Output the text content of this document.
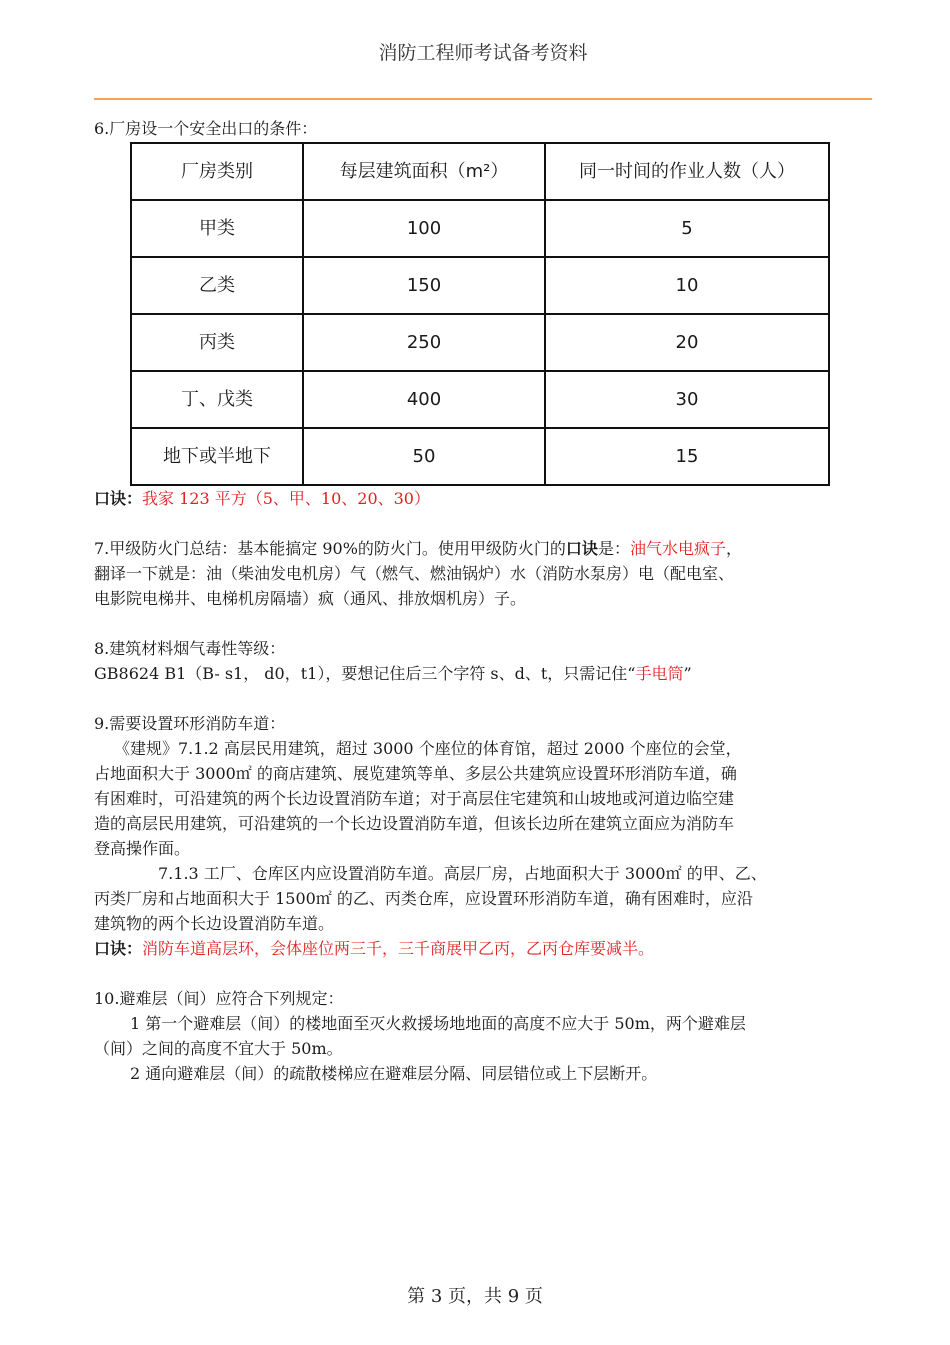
消防工程师考试备考资料

6.厂房设一个安全出口的条件：

厂房类别	每层建筑面积（m²）	同一时间的作业人数（人）
甲类	100	5
乙类	150	10
丙类	250	20
丁、戊类	400	30
地下或半地下	50	15

口诀：我家 123 平方（5、甲、10、20、30）

7.甲级防火门总结：基本能搞定 90%的防火门。使用甲级防火门的口诀是：油气水电疯子，

翻译一下就是：油（柴油发电机房）气（燃气、燃油锅炉）水（消防水泵房）电（配电室、

电影院电梯井、电梯机房隔墙）疯（通风、排放烟机房）子。

8.建筑材料烟气毒性等级：

GB8624 B1（B- s1， d0，t1），要想记住后三个字符 s、d、t，只需记住“手电筒”

9.需要设置环形消防车道：

《建规》7.1.2 高层民用建筑，超过 3000 个座位的体育馆，超过 2000 个座位的会堂，

占地面积大于 3000㎡ 的商店建筑、展览建筑等单、多层公共建筑应设置环形消防车道，确

有困难时，可沿建筑的两个长边设置消防车道；对于高层住宅建筑和山坡地或河道边临空建

造的高层民用建筑，可沿建筑的一个长边设置消防车道，但该长边所在建筑立面应为消防车

登高操作面。

7.1.3 工厂、仓库区内应设置消防车道。高层厂房，占地面积大于 3000㎡ 的甲、乙、

丙类厂房和占地面积大于 1500㎡ 的乙、丙类仓库，应设置环形消防车道，确有困难时，应沿

建筑物的两个长边设置消防车道。

口诀：消防车道高层环，会体座位两三千，三千商展甲乙丙，乙丙仓库要减半。

10.避难层（间）应符合下列规定：

1 第一个避难层（间）的楼地面至灭火救援场地地面的高度不应大于 50m，两个避难层

（间）之间的高度不宜大于 50m。

2 通向避难层（间）的疏散楼梯应在避难层分隔、同层错位或上下层断开。

第 3 页，共 9 页
